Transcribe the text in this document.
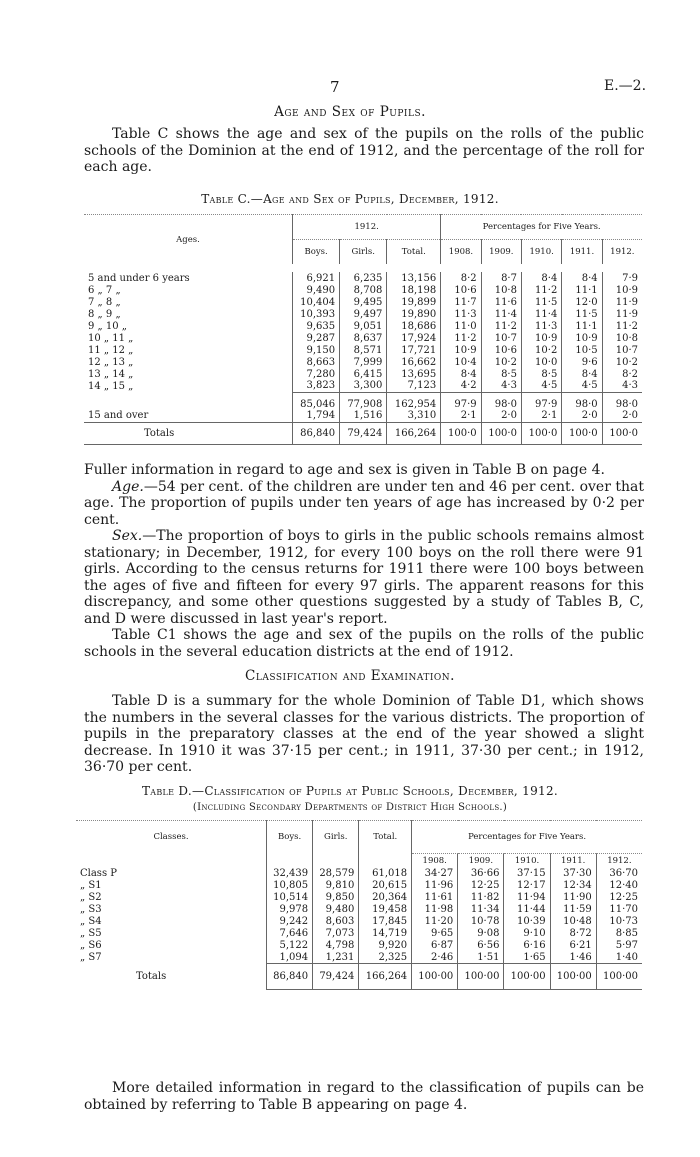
7	E.—2.
Age and Sex of Pupils.

Table C shows the age and sex of the pupils on the rolls of the public schools of the Dominion at the end of 1912, and the percentage of the roll for each age.

Table C.—Age and Sex of Pupils, December, 1912.
Ages.	1912.			Percentages for Five Years.				
	Boys.	Girls.	Total.	1908.	1909.	1910.	1911.	1912.

5 and under 6 years	6,921	6,235	13,156	8·2	8·7	8·4	8·4	7·9
6 „ 7 „	9,490	8,708	18,198	10·6	10·8	11·2	11·1	10·9
7 „ 8 „	10,404	9,495	19,899	11·7	11·6	11·5	12·0	11·9
8 „ 9 „	10,393	9,497	19,890	11·3	11·4	11·4	11·5	11·9
9 „ 10 „	9,635	9,051	18,686	11·0	11·2	11·3	11·1	11·2
10 „ 11 „	9,287	8,637	17,924	11·2	10·7	10·9	10·9	10·8
11 „ 12 „	9,150	8,571	17,721	10·9	10·6	10·2	10·5	10·7
12 „ 13 „	8,663	7,999	16,662	10·4	10·2	10·0	9·6	10·2
13 „ 14 „	7,280	6,415	13,695	8·4	8·5	8·5	8·4	8·2
14 „ 15 „	3,823	3,300	7,123	4·2	4·3	4·5	4·5	4·3
	85,046	77,908	162,954	97·9	98·0	97·9	98·0	98·0
15 and over	1,794	1,516	3,310	2·1	2·0	2·1	2·0	2·0
Totals	86,840	79,424	166,264	100·0	100·0	100·0	100·0	100·0

Fuller information in regard to age and sex is given in Table B on page 4.

Age.—54 per cent. of the children are under ten and 46 per cent. over that age. The proportion of pupils under ten years of age has increased by 0·2 per cent.

Sex.—The proportion of boys to girls in the public schools remains almost stationary; in December, 1912, for every 100 boys on the roll there were 91 girls. According to the census returns for 1911 there were 100 boys between the ages of five and fifteen for every 97 girls. The apparent reasons for this discrepancy, and some other questions suggested by a study of Tables B, C, and D were discussed in last year's report.

Table C1 shows the age and sex of the pupils on the rolls of the public schools in the several education districts at the end of 1912.

Classification and Examination.

Table D is a summary for the whole Dominion of Table D1, which shows the numbers in the several classes for the various districts. The proportion of pupils in the preparatory classes at the end of the year showed a slight decrease. In 1910 it was 37·15 per cent.; in 1911, 37·30 per cent.; in 1912, 36·70 per cent.

Table D.—Classification of Pupils at Public Schools, December, 1912.
(Including Secondary Departments of District High Schools.)
Classes.	Boys.	Girls.	Total.	Percentages for Five Years.				

				1908.	1909.	1910.	1911.	1912.
Class P	32,439	28,579	61,018	34·27	36·66	37·15	37·30	36·70
„ S1	10,805	9,810	20,615	11·96	12·25	12·17	12·34	12·40
„ S2	10,514	9,850	20,364	11·61	11·82	11·94	11·90	12·25
„ S3	9,978	9,480	19,458	11·98	11·34	11·44	11·59	11·70
„ S4	9,242	8,603	17,845	11·20	10·78	10·39	10·48	10·73
„ S5	7,646	7,073	14,719	9·65	9·08	9·10	8·72	8·85
„ S6	5,122	4,798	9,920	6·87	6·56	6·16	6·21	5·97
„ S7	1,094	1,231	2,325	2·46	1·51	1·65	1·46	1·40
Totals	86,840	79,424	166,264	100·00	100·00	100·00	100·00	100·00

More detailed information in regard to the classification of pupils can be obtained by referring to Table B appearing on page 4.
